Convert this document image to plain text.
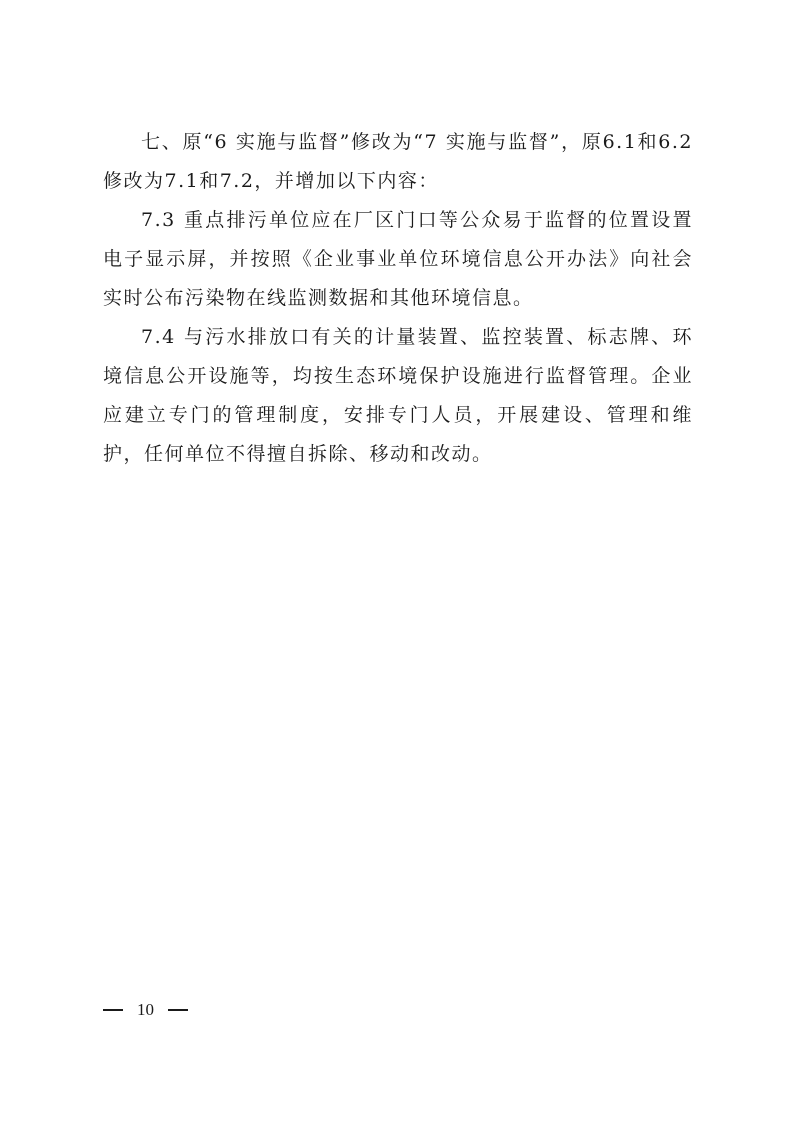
七、原“6 实施与监督”修改为“7 实施与监督”，原6.1和6.2修改为7.1和7.2，并增加以下内容：

7.3 重点排污单位应在厂区门口等公众易于监督的位置设置电子显示屏，并按照《企业事业单位环境信息公开办法》向社会实时公布污染物在线监测数据和其他环境信息。

7.4 与污水排放口有关的计量装置、监控装置、标志牌、环境信息公开设施等，均按生态环境保护设施进行监督管理。企业应建立专门的管理制度，安排专门人员，开展建设、管理和维护，任何单位不得擅自拆除、移动和改动。

10
